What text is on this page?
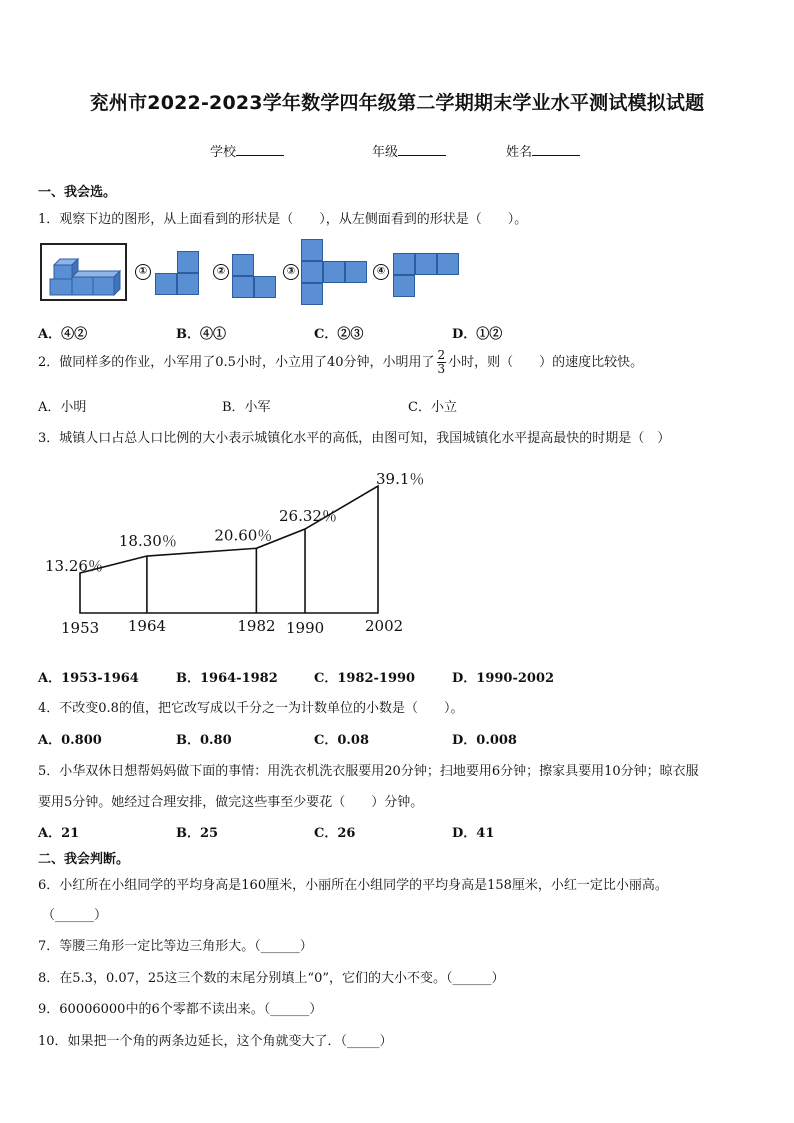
兖州市2022-2023学年数学四年级第二学期期末学业水平测试模拟试题
学校	年级	姓名
一、我会选。
1．观察下边的图形，从上面看到的形状是（　　），从左侧面看到的形状是（　　）。
①	②	③	④
A．④②	B．④①	C．②③	D．①②
2．做同样多的作业，小军用了0.5小时，小立用了40分钟，小明用了 $\frac{2}{3}$ 小时，则（　　）的速度比较快。
A．小明	B．小军	C．小立
3．城镇人口占总人口比例的大小表示城镇化水平的高低，由图可知，我国城镇化水平提高最快的时期是（　）
13.26％
18.30％	20.60％
26.32％
39.1％
1953 1964	1982 1990	2002
A．1953-1964	B．1964-1982	C．1982-1990	D．1990-2002
4．不改变0.8的值，把它改写成以千分之一为计数单位的小数是（　　）。
A．0.800	B．0.80	C．0.08	D．0.008
5．小华双休日想帮妈妈做下面的事情：用洗衣机洗衣服要用20分钟；扫地要用6分钟；擦家具要用10分钟；晾衣服
要用5分钟。她经过合理安排，做完这些事至少要花（　　）分钟。
A．21	B．25	C．26	D．41
二、我会判断。
6．小红所在小组同学的平均身高是160厘米，小丽所在小组同学的平均身高是158厘米，小红一定比小丽高。
（______）
7．等腰三角形一定比等边三角形大。（______）
8．在5.3，0.07，25这三个数的末尾分别填上“0”，它们的大小不变。（______）
9．60006000中的6个零都不读出来。（______）
10．如果把一个角的两条边延长，这个角就变大了．（_____）
